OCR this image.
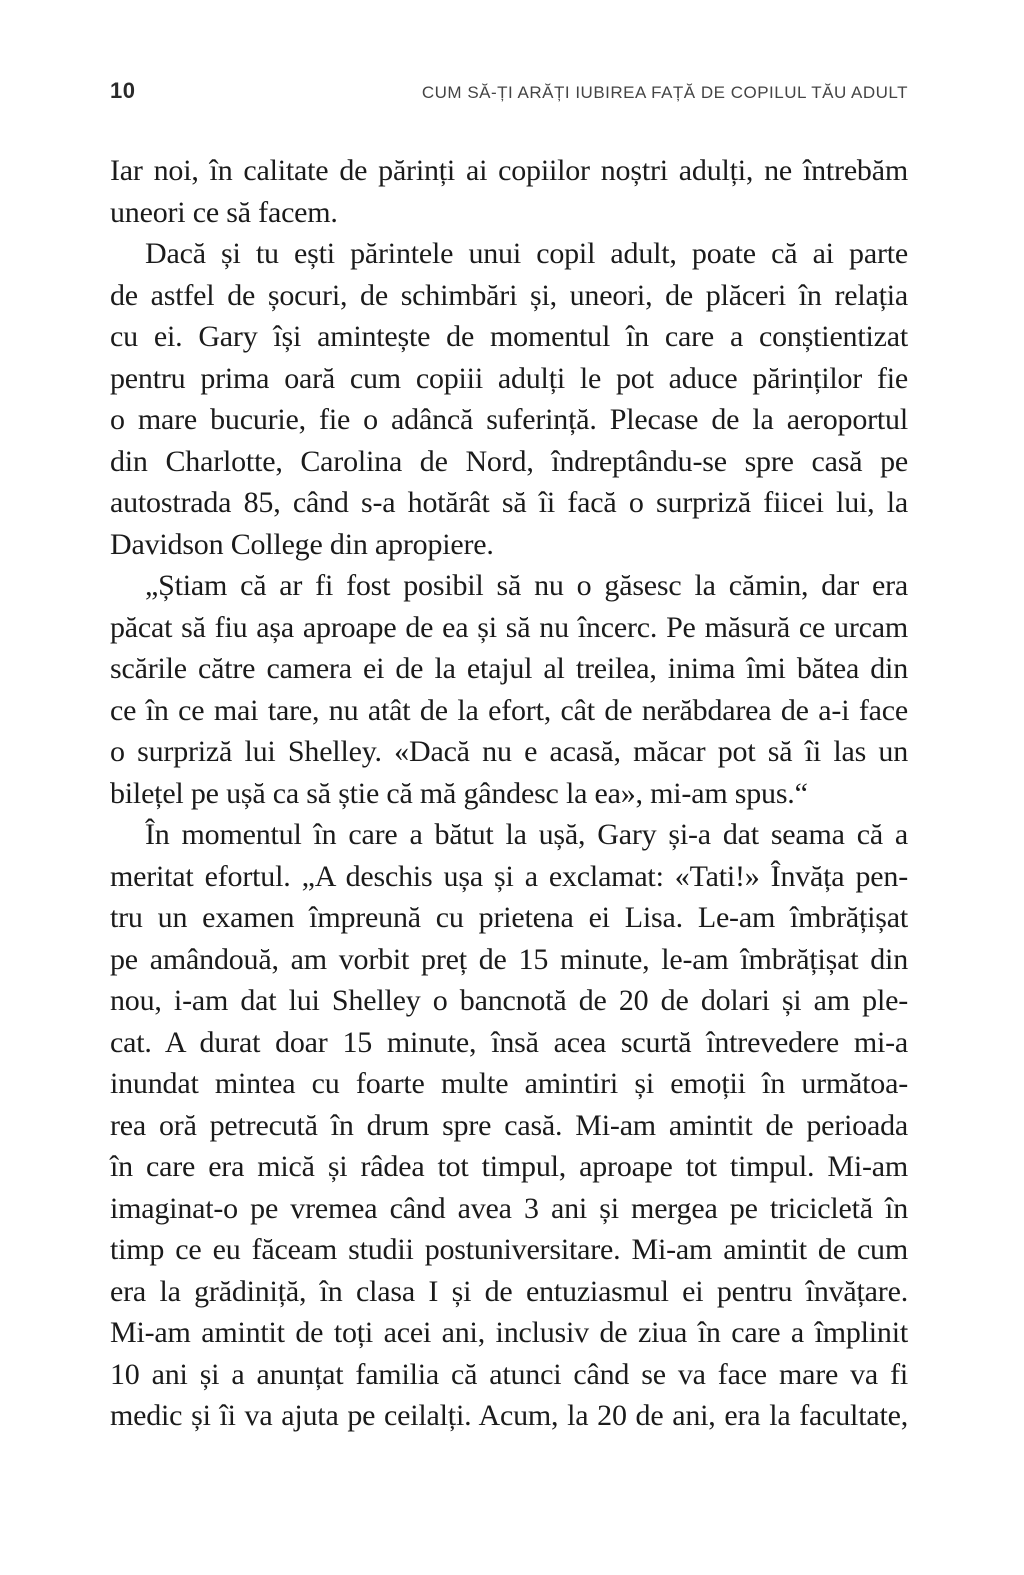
10	CUM SĂ-ȚI ARĂȚI IUBIREA FAȚĂ DE COPILUL TĂU ADULT
Iar noi, în calitate de părinți ai copiilor noștri adulți, ne întrebăm
uneori ce să facem.
Dacă și tu ești părintele unui copil adult, poate că ai parte
de astfel de șocuri, de schimbări și, uneori, de plăceri în relația
cu ei. Gary își amintește de momentul în care a conștientizat
pentru prima oară cum copiii adulți le pot aduce părinților fie
o mare bucurie, fie o adâncă suferință. Plecase de la aeroportul
din Charlotte, Carolina de Nord, îndreptându-se spre casă pe
autostrada 85, când s-a hotărât să îi facă o surpriză fiicei lui, la
Davidson College din apropiere.
„Știam că ar fi fost posibil să nu o găsesc la cămin, dar era
păcat să fiu așa aproape de ea și să nu încerc. Pe măsură ce urcam
scările către camera ei de la etajul al treilea, inima îmi bătea din
ce în ce mai tare, nu atât de la efort, cât de nerăbdarea de a-i face
o surpriză lui Shelley. «Dacă nu e acasă, măcar pot să îi las un
bilețel pe ușă ca să știe că mă gândesc la ea», mi-am spus.“
În momentul în care a bătut la ușă, Gary și-a dat seama că a
meritat efortul. „A deschis ușa și a exclamat: «Tati!» Învăța pen-
tru un examen împreună cu prietena ei Lisa. Le-am îmbrățișat
pe amândouă, am vorbit preț de 15 minute, le-am îmbrățișat din
nou, i-am dat lui Shelley o bancnotă de 20 de dolari și am ple-
cat. A durat doar 15 minute, însă acea scurtă întrevedere mi-a
inundat mintea cu foarte multe amintiri și emoții în următoa-
rea oră petrecută în drum spre casă. Mi-am amintit de perioada
în care era mică și râdea tot timpul, aproape tot timpul. Mi-am
imaginat-o pe vremea când avea 3 ani și mergea pe tricicletă în
timp ce eu făceam studii postuniversitare. Mi-am amintit de cum
era la grădiniță, în clasa I și de entuziasmul ei pentru învățare.
Mi-am amintit de toți acei ani, inclusiv de ziua în care a împlinit
10 ani și a anunțat familia că atunci când se va face mare va fi
medic și îi va ajuta pe ceilalți. Acum, la 20 de ani, era la facultate,
